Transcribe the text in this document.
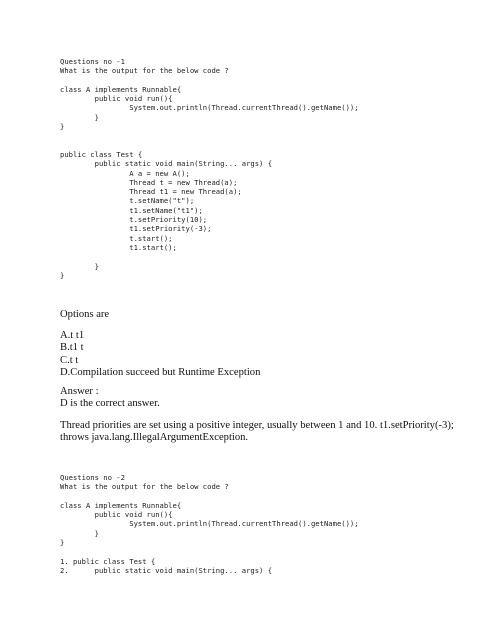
Questions no -1
What is the output for the below code ?

class A implements Runnable{
public void run(){
System.out.println(Thread.currentThread().getName());
}
}

public class Test {
public static void main(String... args) {
A a = new A();
Thread t = new Thread(a);
Thread t1 = new Thread(a);
t.setName("t");
t1.setName("t1");
t.setPriority(10);
t1.setPriority(-3);
t.start();
t1.start();

}
}

Options are

A.t t1
B.t1 t
C.t t
D.Compilation succeed but Runtime Exception
Answer :
D is the correct answer.

Thread priorities are set using a positive integer, usually between 1 and 10. t1.setPriority(-3); throws java.lang.IllegalArgumentException.

Questions no -2
What is the output for the below code ?

class A implements Runnable{
public void run(){
System.out.println(Thread.currentThread().getName());
}
}

1. public class Test {
2.      public static void main(String... args) {
